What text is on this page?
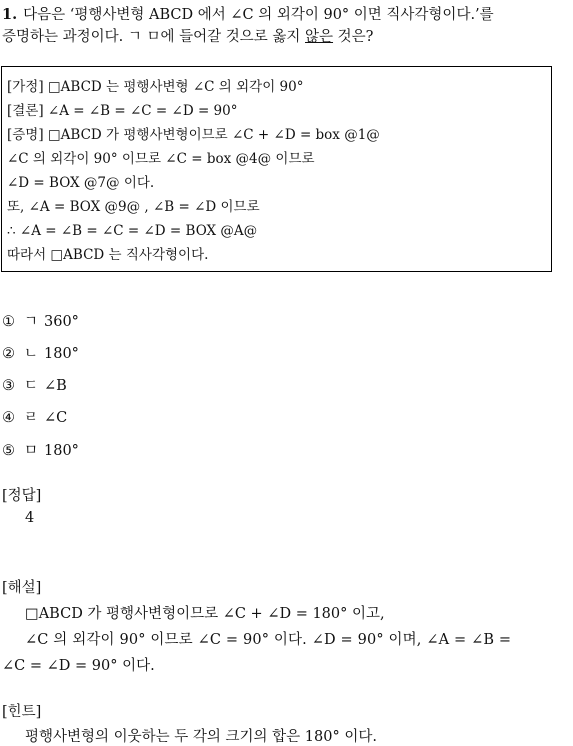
1. 다음은 ‘평행사변형 ABCD 에서 ∠C 의 외각이 90° 이면 직사각형이다.’를
증명하는 과정이다. ㄱ ㅁ에 들어갈 것으로 옳지 않은 것은?
[가정] □ABCD 는 평행사변형 ∠C 의 외각이 90°
[결론] ∠A = ∠B = ∠C = ∠D = 90°
[증명] □ABCD 가 평행사변형이므로 ∠C + ∠D = box @1@
∠C 의 외각이 90° 이므로 ∠C = box @4@ 이므로
∠D = BOX @7@ 이다.
또, ∠A = BOX @9@ , ∠B = ∠D 이므로
∴ ∠A = ∠B = ∠C = ∠D = BOX @A@
따라서 □ABCD 는 직사각형이다.
① ㄱ 360°
② ㄴ 180°
③ ㄷ ∠B
④ ㄹ ∠C
⑤ ㅁ 180°
[정답]
4
[해설]
□ABCD 가 평행사변형이므로 ∠C + ∠D = 180° 이고,
∠C 의 외각이 90° 이므로 ∠C = 90° 이다. ∠D = 90° 이며, ∠A = ∠B =
∠C = ∠D = 90° 이다.
[힌트]
평행사변형의 이웃하는 두 각의 크기의 합은 180° 이다.
